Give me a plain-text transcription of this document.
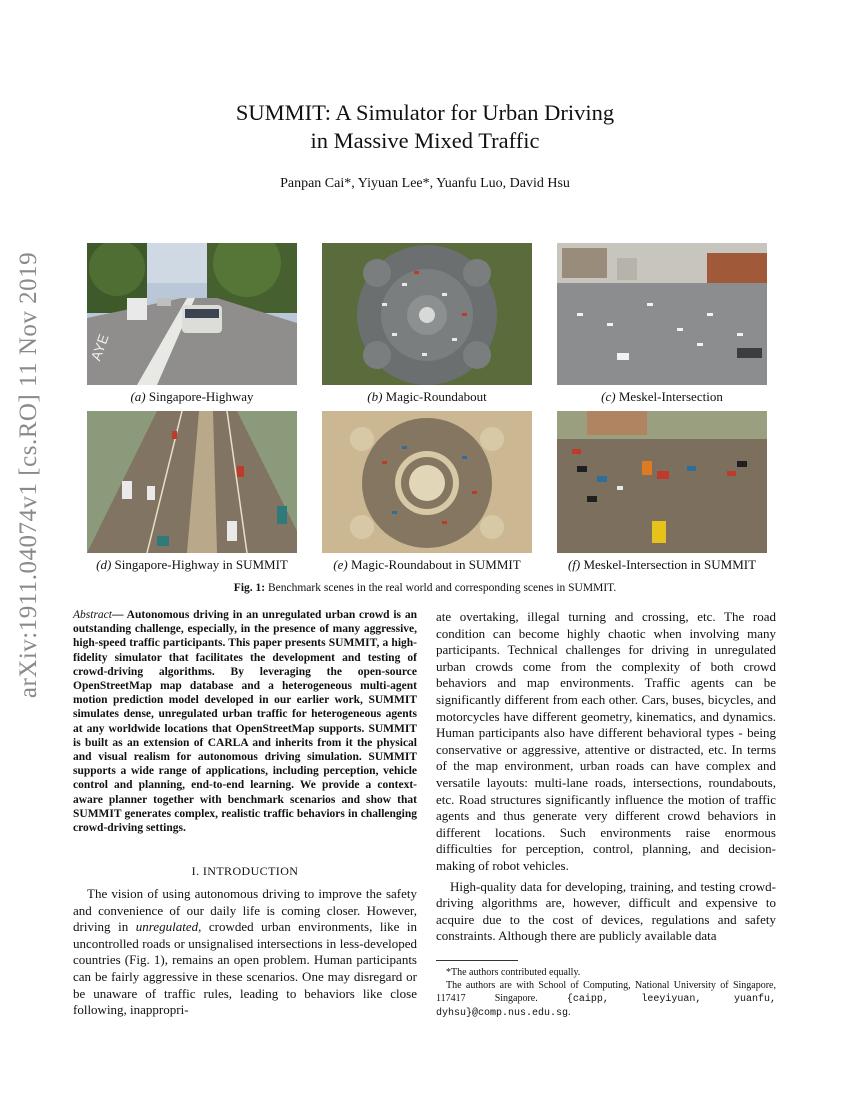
arXiv:1911.04074v1 [cs.RO] 11 Nov 2019
SUMMIT: A Simulator for Urban Driving
in Massive Mixed Traffic
Panpan Cai*, Yiyuan Lee*, Yuanfu Luo, David Hsu
AYE
(a) Singapore-Highway	(b) Magic-Roundabout	(c) Meskel-Intersection
(d) Singapore-Highway in SUMMIT	(e) Magic-Roundabout in SUMMIT	(f) Meskel-Intersection in SUMMIT
Fig. 1: Benchmark scenes in the real world and corresponding scenes in SUMMIT.

Abstract— Autonomous driving in an unregulated urban crowd is an outstanding challenge, especially, in the presence of many aggressive, high-speed traffic participants. This paper presents SUMMIT, a high-fidelity simulator that facilitates the development and testing of crowd-driving algorithms. By leveraging the open-source OpenStreetMap map database and a heterogeneous multi-agent motion prediction model developed in our earlier work, SUMMIT simulates dense, unregulated urban traffic for heterogeneous agents at any worldwide locations that OpenStreetMap supports. SUMMIT is built as an extension of CARLA and inherits from it the physical and visual realism for autonomous driving simulation. SUMMIT supports a wide range of applications, including perception, vehicle control and planning, end-to-end learning. We provide a context-aware planner together with benchmark scenarios and show that SUMMIT generates complex, realistic traffic behaviors in challenging crowd-driving settings.

I. INTRODUCTION

The vision of using autonomous driving to improve the safety and convenience of our daily life is coming closer. However, driving in unregulated, crowded urban environments, like in uncontrolled roads or unsignalised intersections in less-developed countries (Fig. 1), remains an open problem. Human participants can be fairly aggressive in these scenarios. One may disregard or be unaware of traffic rules, leading to behaviors like close following, inappropri-

ate overtaking, illegal turning and crossing, etc. The road condition can become highly chaotic when involving many participants. Technical challenges for driving in unregulated urban crowds come from the complexity of both crowd behaviors and map environments. Traffic agents can be significantly different from each other. Cars, buses, bicycles, and motorcycles have different geometry, kinematics, and dynamics. Human participants also have different behavioral types - being conservative or aggressive, attentive or distracted, etc. In terms of the map environment, urban roads can have complex and versatile layouts: multi-lane roads, intersections, roundabouts, etc. Road structures significantly influence the motion of traffic agents and thus generate very different crowd behaviors in different locations. Such environments raise enormous difficulties for perception, control, planning, and decision-making of robot vehicles.

High-quality data for developing, training, and testing crowd-driving algorithms are, however, difficult and expensive to acquire due to the cost of devices, regulations and safety constraints. Although there are publicly available data

*The authors contributed equally.

The authors are with School of Computing, National University of Singapore, 117417 Singapore. {caipp, leeyiyuan, yuanfu, dyhsu}@comp.nus.edu.sg.
